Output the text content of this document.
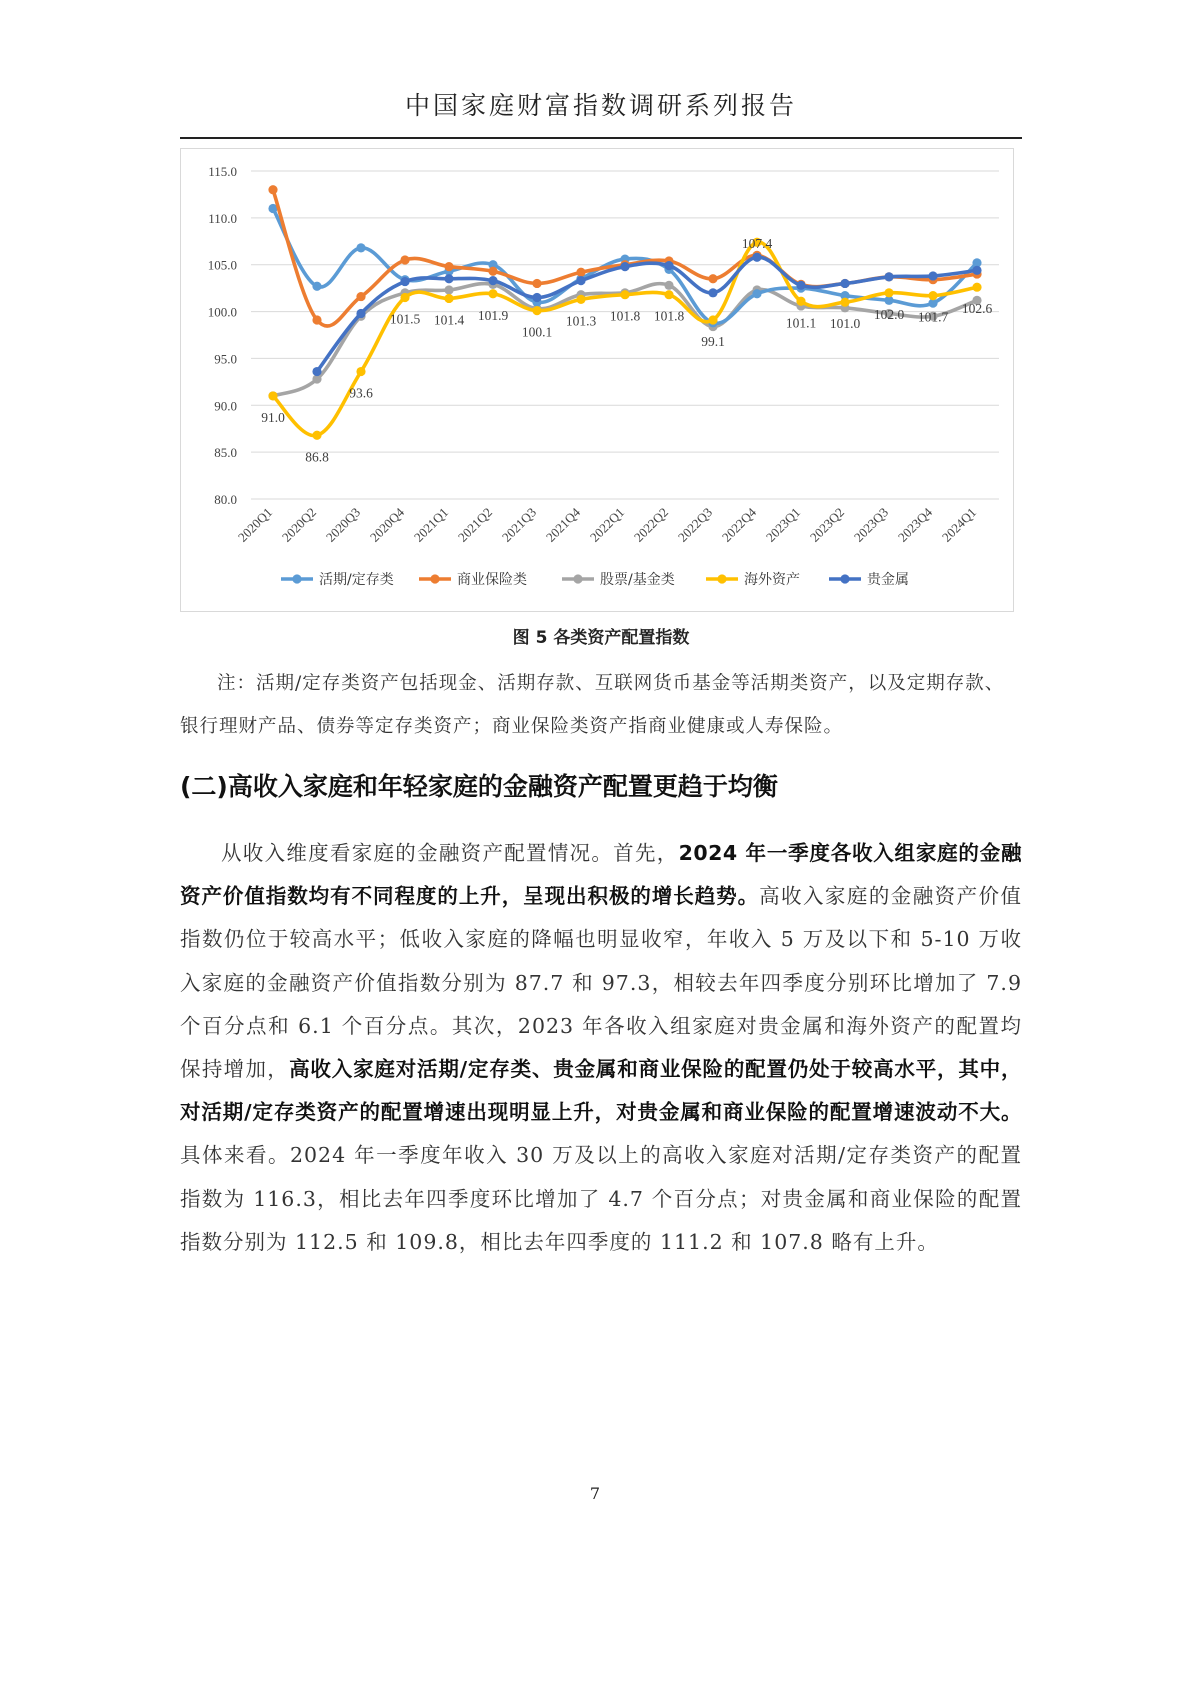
中国家庭财富指数调研系列报告
115.0
110.0
105.0
100.0
95.0
90.0
85.0
80.0
2020Q1 2020Q2 2020Q3 2020Q4 2021Q1 2021Q2 2021Q3 2021Q4 2022Q1 2022Q2 2022Q3 2022Q4 2023Q1 2023Q2 2023Q3 2023Q4 2024Q1
91.0
86.8
93.6
101.5 101.4 101.9
100.1
101.3 101.8 101.8
99.1
107.4
101.1 101.0
102.0 101.7
102.6
活期/定存类	商业保险类	股票/基金类	海外资产	贵金属
图 5 各类资产配置指数
注：活期/定存类资产包括现金、活期存款、互联网货币基金等活期类资产，以及定期存款、银行理财产品、债券等定存类资产；商业保险类资产指商业健康或人寿保险。
(二)高收入家庭和年轻家庭的金融资产配置更趋于均衡
从收入维度看家庭的金融资产配置情况。首先，2024 年一季度各收入组家庭的金融资产价值指数均有不同程度的上升，呈现出积极的增长趋势。高收入家庭的金融资产价值指数仍位于较高水平；低收入家庭的降幅也明显收窄，年收入 5 万及以下和 5-10 万收入家庭的金融资产价值指数分别为 87.7 和 97.3，相较去年四季度分别环比增加了 7.9 个百分点和 6.1 个百分点。其次，2023 年各收入组家庭对贵金属和海外资产的配置均保持增加，高收入家庭对活期/定存类、贵金属和商业保险的配置仍处于较高水平，其中，对活期/定存类资产的配置增速出现明显上升，对贵金属和商业保险的配置增速波动不大。具体来看。2024 年一季度年收入 30 万及以上的高收入家庭对活期/定存类资产的配置指数为 116.3，相比去年四季度环比增加了 4.7 个百分点；对贵金属和商业保险的配置指数分别为 112.5 和 109.8，相比去年四季度的 111.2 和 107.8 略有上升。
7
